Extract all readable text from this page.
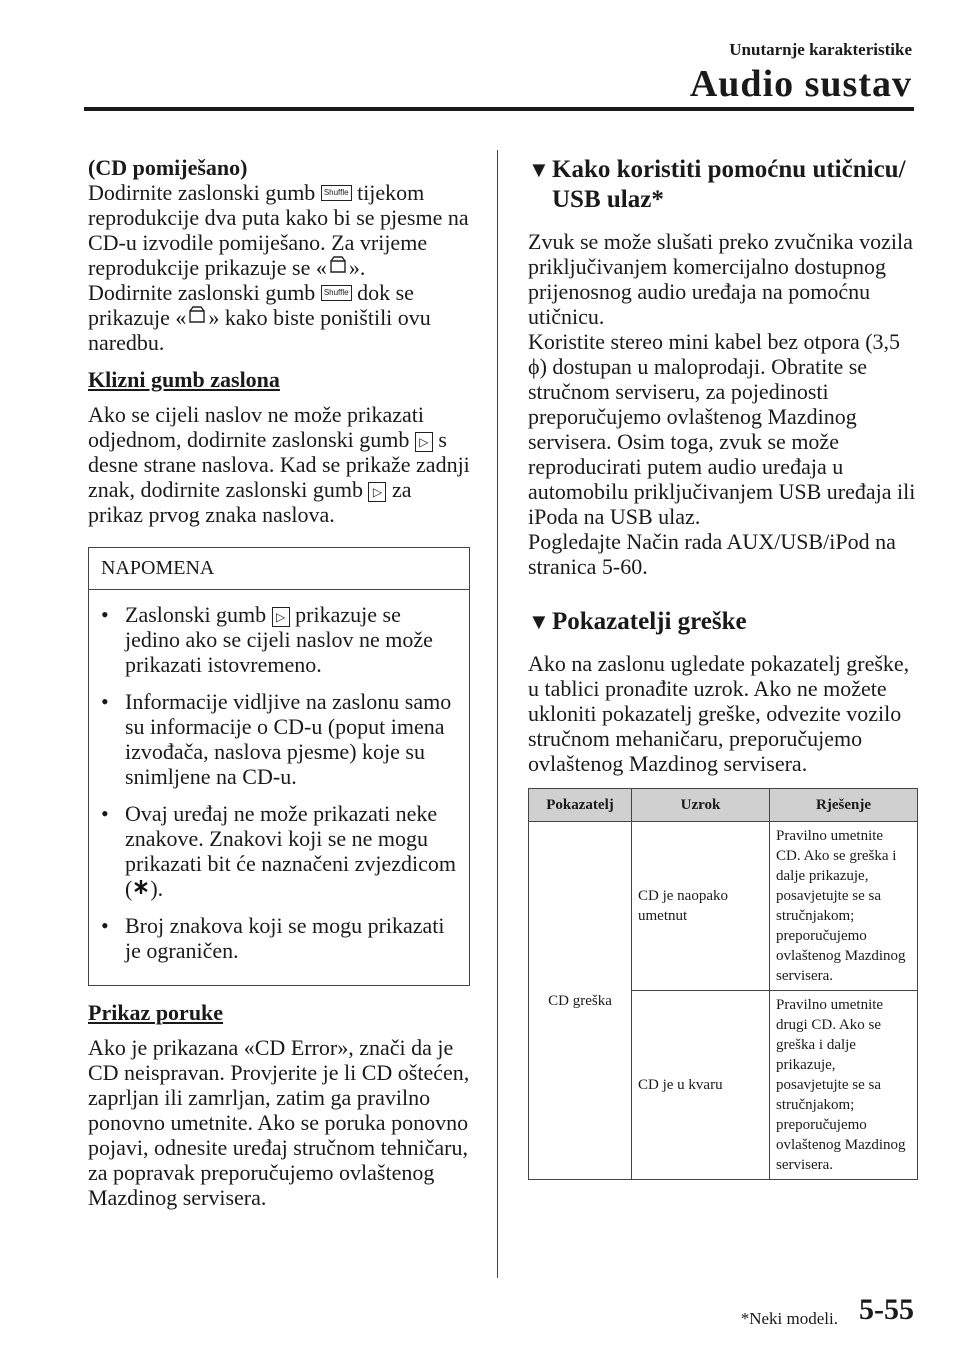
Unutarnje karakteristike
Audio sustav

(CD pomiješano)
Dodirnite zaslonski gumb Shuffle tijekom reprodukcije dva puta kako bi se pjesme na CD-u izvodile pomiješano. Za vrijeme reprodukcije prikazuje se « ».
Dodirnite zaslonski gumb Shuffle dok se prikazuje « » kako biste poništili ovu naredbu.

Klizni gumb zaslona

Ako se cijeli naslov ne može prikazati odjednom, dodirnite zaslonski gumb ▷ s desne strane naslova. Kad se prikaže zadnji znak, dodirnite zaslonski gumb ▷ za prikaz prvog znaka naslova.

NAPOMENA
• Zaslonski gumb ▷ prikazuje se jedino ako se cijeli naslov ne može prikazati istovremeno.
• Informacije vidljive na zaslonu samo su informacije o CD-u (poput imena izvođača, naslova pjesme) koje su snimljene na CD-u.
• Ovaj uređaj ne može prikazati neke znakove. Znakovi koji se ne mogu prikazati bit će naznačeni zvjezdicom ( ).
• Broj znakova koji se mogu prikazati je ograničen.

Prikaz poruke

Ako je prikazana «CD Error», znači da je CD neispravan. Provjerite je li CD oštećen, zaprljan ili zamrljan, zatim ga pravilno ponovno umetnite. Ako se poruka ponovno pojavi, odnesite uređaj stručnom tehničaru, za popravak preporučujemo ovlaštenog Mazdinog servisera.

▼ Kako koristiti pomoćnu utičnicu/ USB ulaz*

Zvuk se može slušati preko zvučnika vozila priključivanjem komercijalno dostupnog prijenosnog audio uređaja na pomoćnu utičnicu.
Koristite stereo mini kabel bez otpora (3,5 ϕ) dostupan u maloprodaji. Obratite se stručnom serviseru, za pojedinosti preporučujemo ovlaštenog Mazdinog servisera. Osim toga, zvuk se može reproducirati putem audio uređaja u automobilu priključivanjem USB uređaja ili iPoda na USB ulaz.
Pogledajte Način rada AUX/USB/iPod na stranica 5-60.

▼ Pokazatelji greške

Ako na zaslonu ugledate pokazatelj greške, u tablici pronađite uzrok. Ako ne možete ukloniti pokazatelj greške, odvezite vozilo stručnom mehaničaru, preporučujemo ovlaštenog Mazdinog servisera.

Pokazatelj	Uzrok	Rješenje
CD greška	CD je naopako umetnut	Pravilno umetnite CD. Ako se greška i dalje prikazuje, posavjetujte se sa stručnjakom; preporučujemo ovlaštenog Mazdinog servisera.
	CD je u kvaru	Pravilno umetnite drugi CD. Ako se greška i dalje prikazuje, posavjetujte se sa stručnjakom; preporučujemo ovlaštenog Mazdinog servisera.
*Neki modeli. 5-55
